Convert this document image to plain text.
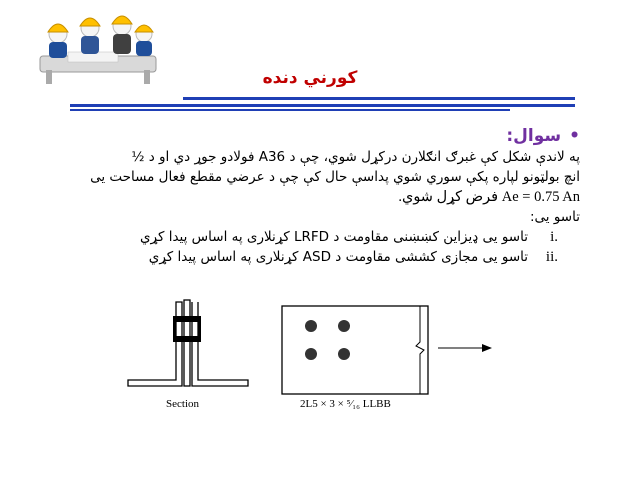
كورني دنده
•سوال:
په لاندې شکل کې غبرګ انګلارن درکړل شوي، چې د A36 فولادو جوړ دي او د ½
انچ بولټونو لپاره پکې سوري شوي پداسې حال کې چې د عرضي مقطع فعال مساحت يی
Ae = 0.75 An فرض کړل شوي.
تاسو يی:
i.
تاسو يی ډيزاين کښښنی مقاومت د LRFD کړنلاری په اساس پيدا کړي
ii.
تاسو يی مجازی کششی مقاومت د ASD کړنلاری په اساس پيدا کړي
Section	2L5 × 3 × ⁵⁄₁₆ LLBB
